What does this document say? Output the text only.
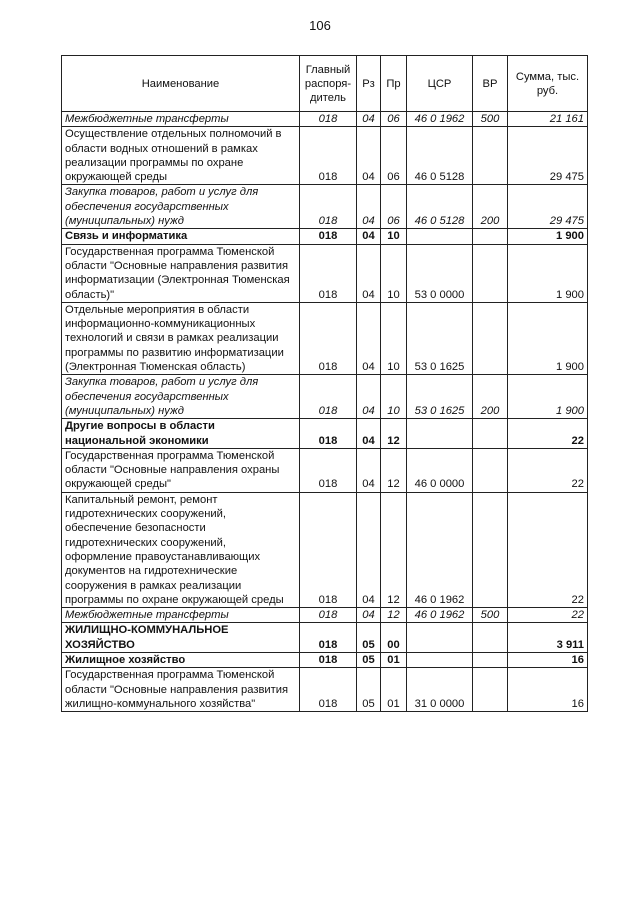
106
Наименование	Главный распоря-дитель	Рз	Пр	ЦСР	ВР	Сумма, тыс. руб.
Межбюджетные трансферты	018	04	06	46 0 1962	500	21 161
Осуществление отдельных полномочий в области водных отношений в рамках реализации программы по охране окружающей среды	018	04	06	46 0 5128		29 475
Закупка товаров, работ и услуг для обеспечения государственных (муниципальных) нужд	018	04	06	46 0 5128	200	29 475
Связь и информатика	018	04	10			1 900
Государственная программа Тюменской области "Основные направления развития информатизации (Электронная Тюменская область)"	018	04	10	53 0 0000		1 900
Отдельные мероприятия в области информационно-коммуникационных технологий и связи в рамках реализации программы по развитию информатизации (Электронная Тюменская область)	018	04	10	53 0 1625		1 900
Закупка товаров, работ и услуг для обеспечения государственных (муниципальных) нужд	018	04	10	53 0 1625	200	1 900
Другие вопросы в области национальной экономики	018	04	12			22
Государственная программа Тюменской области "Основные направления охраны окружающей среды"	018	04	12	46 0 0000		22
Капитальный ремонт, ремонт гидротехнических сооружений, обеспечение безопасности гидротехнических сооружений, оформление правоустанавливающих документов на гидротехнические сооружения в рамках реализации программы по охране окружающей среды	018	04	12	46 0 1962		22
Межбюджетные трансферты	018	04	12	46 0 1962	500	22
ЖИЛИЩНО-КОММУНАЛЬНОЕ ХОЗЯЙСТВО	018	05	00			3 911
Жилищное хозяйство	018	05	01			16
Государственная программа Тюменской области "Основные направления развития жилищно-коммунального хозяйства"	018	05	01	31 0 0000		16
